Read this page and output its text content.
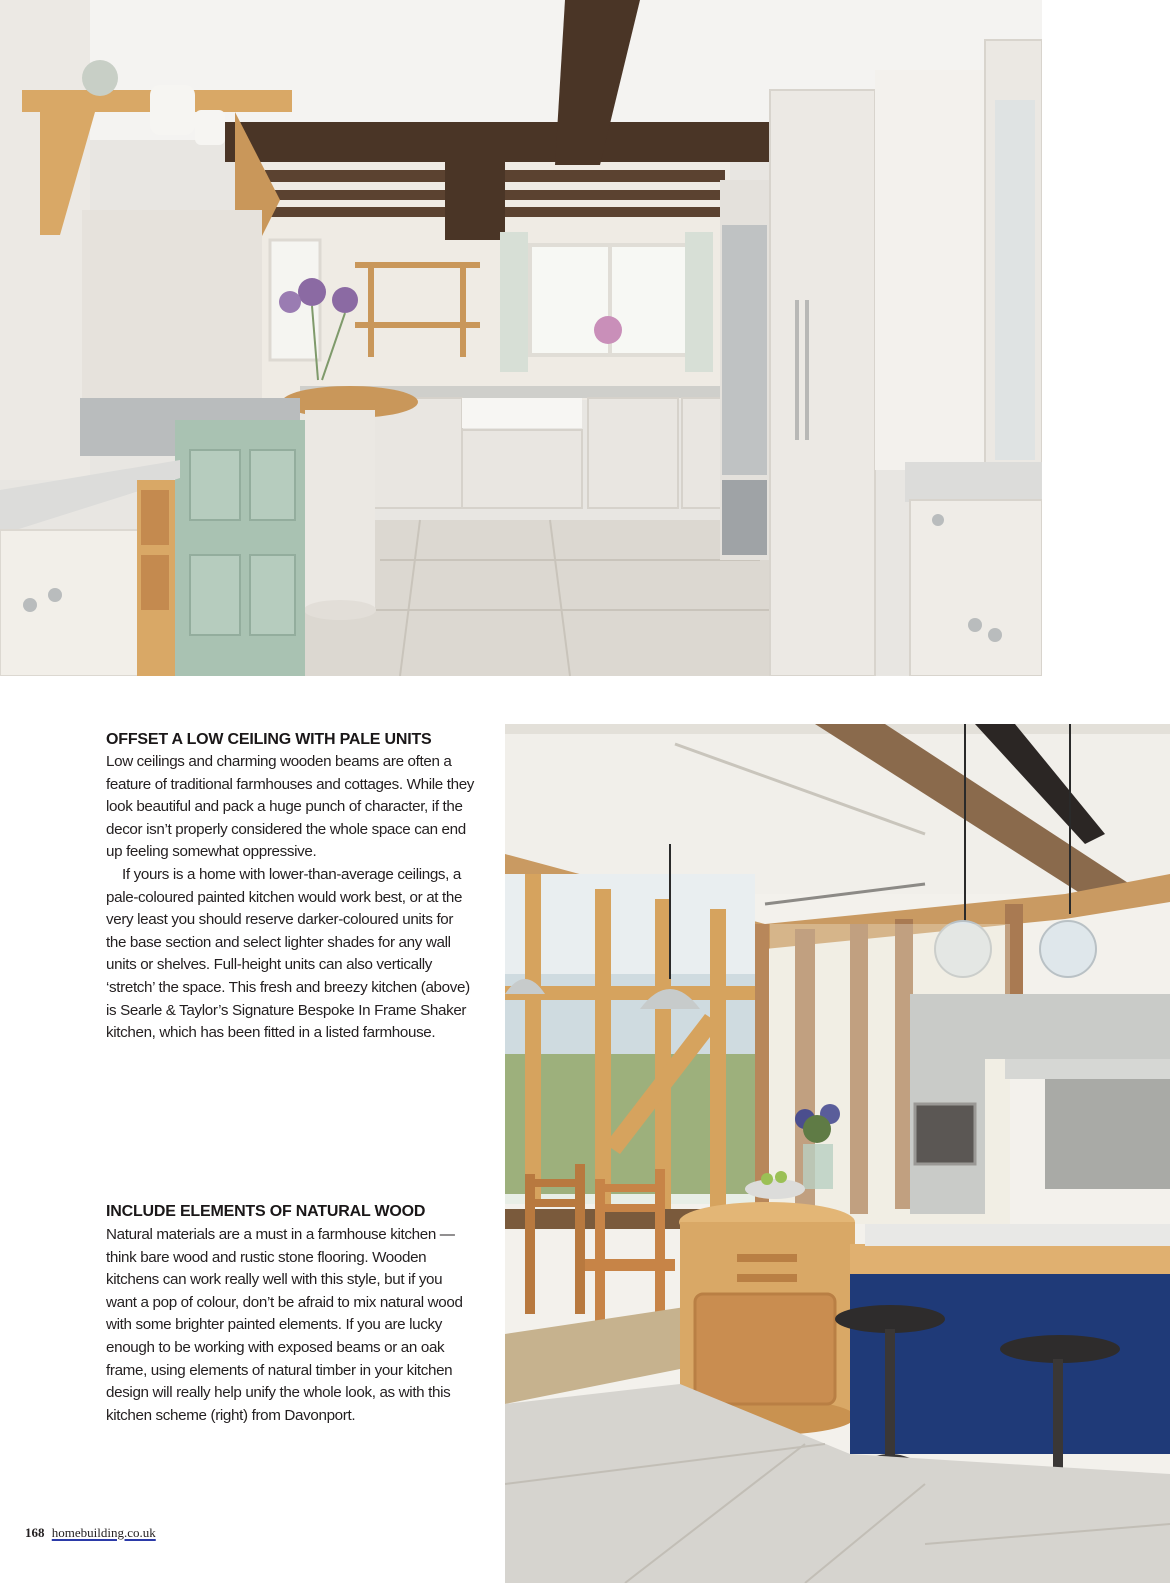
OFFSET A LOW CEILING WITH PALE UNITS

Low ceilings and charming wooden beams are often a feature of traditional farmhouses and cottages. While they look beautiful and pack a huge punch of character, if the decor isn’t properly considered the whole space can end up feeling somewhat oppressive.

If yours is a home with lower-than-average ceilings, a pale-coloured painted kitchen would work best, or at the very least you should reserve darker-coloured units for the base section and select lighter shades for any wall units or shelves. Full-height units can also vertically ‘stretch’ the space. This fresh and breezy kitchen (above) is Searle & Taylor’s Signature Bespoke In Frame Shaker kitchen, which has been fitted in a listed farmhouse.

INCLUDE ELEMENTS OF NATURAL WOOD

Natural materials are a must in a farmhouse kitchen — think bare wood and rustic stone flooring. Wooden kitchens can work really well with this style, but if you want a pop of colour, don’t be afraid to mix natural wood with some brighter painted elements. If you are lucky enough to be working with exposed beams or an oak frame, using elements of natural timber in your kitchen design will really help unify the whole look, as with this kitchen scheme (right) from Davonport.

168 homebuilding.co.uk
